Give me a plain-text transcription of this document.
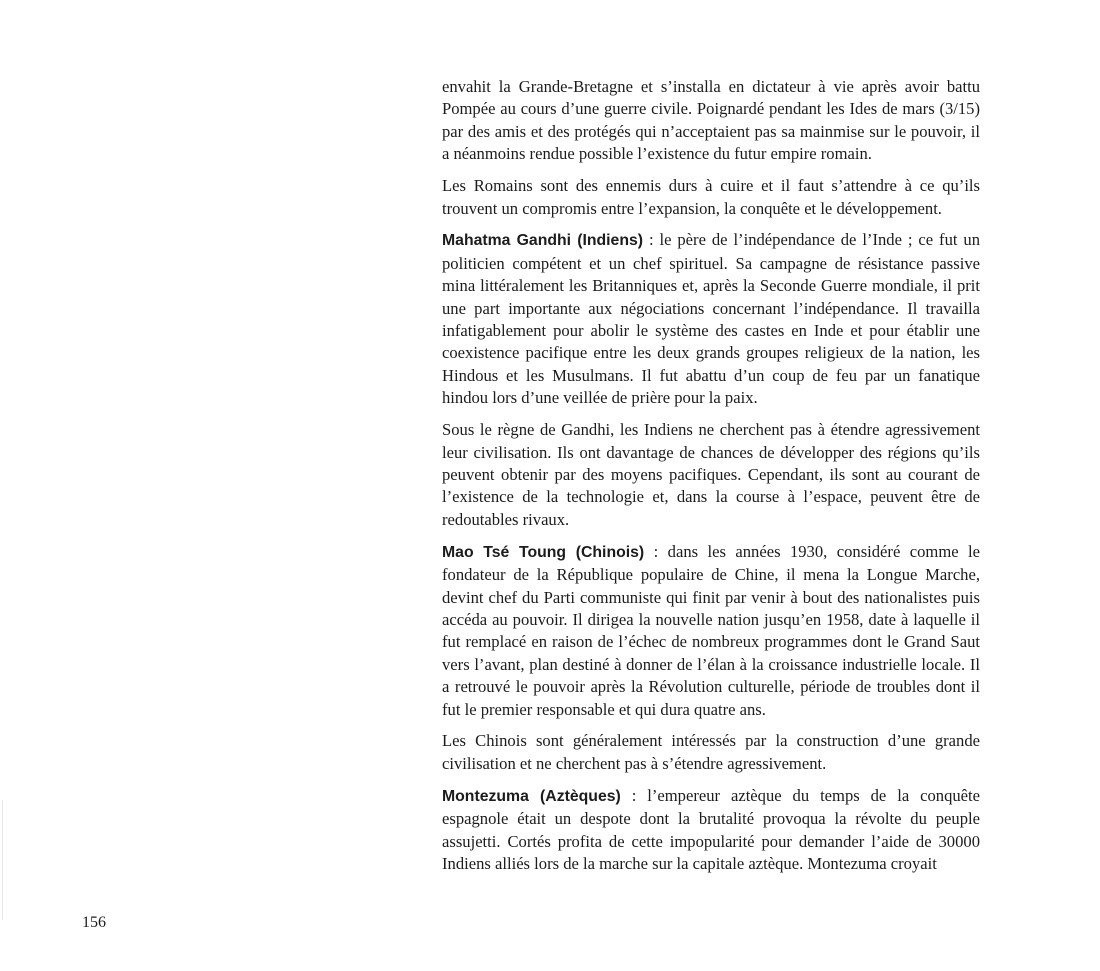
envahit la Grande-Bretagne et s’installa en dictateur à vie après avoir battu Pompée au cours d’une guerre civile. Poignardé pendant les Ides de mars (3/15) par des amis et des protégés qui n’acceptaient pas sa mainmise sur le pouvoir, il a néanmoins rendue possible l’existence du futur empire romain.

Les Romains sont des ennemis durs à cuire et il faut s’attendre à ce qu’ils trouvent un compromis entre l’expansion, la conquête et le développement.

Mahatma Gandhi (Indiens) : le père de l’indépendance de l’Inde ; ce fut un politicien compétent et un chef spirituel. Sa campagne de résistance passive mina littéralement les Britanniques et, après la Seconde Guerre mondiale, il prit une part importante aux négociations concernant l’indépendance. Il travailla infatigablement pour abolir le système des castes en Inde et pour établir une coexistence pacifique entre les deux grands groupes religieux de la nation, les Hindous et les Musulmans. Il fut abattu d’un coup de feu par un fanatique hindou lors d’une veillée de prière pour la paix.

Sous le règne de Gandhi, les Indiens ne cherchent pas à étendre agressivement leur civilisation. Ils ont davantage de chances de développer des régions qu’ils peuvent obtenir par des moyens pacifiques. Cependant, ils sont au courant de l’existence de la technologie et, dans la course à l’espace, peuvent être de redoutables rivaux.

Mao Tsé Toung (Chinois) : dans les années 1930, considéré comme le fondateur de la République populaire de Chine, il mena la Longue Marche, devint chef du Parti communiste qui finit par venir à bout des nationalistes puis accéda au pouvoir. Il dirigea la nouvelle nation jusqu’en 1958, date à laquelle il fut remplacé en raison de l’échec de nombreux programmes dont le Grand Saut vers l’avant, plan destiné à donner de l’élan à la croissance industrielle locale. Il a retrouvé le pouvoir après la Révolution culturelle, période de troubles dont il fut le premier responsable et qui dura quatre ans.

Les Chinois sont généralement intéressés par la construction d’une grande civilisation et ne cherchent pas à s’étendre agressivement.

Montezuma (Aztèques) : l’empereur aztèque du temps de la conquête espagnole était un despote dont la brutalité provoqua la révolte du peuple assujetti. Cortés profita de cette impopularité pour demander l’aide de 30000 Indiens alliés lors de la marche sur la capitale aztèque. Montezuma croyait

156
